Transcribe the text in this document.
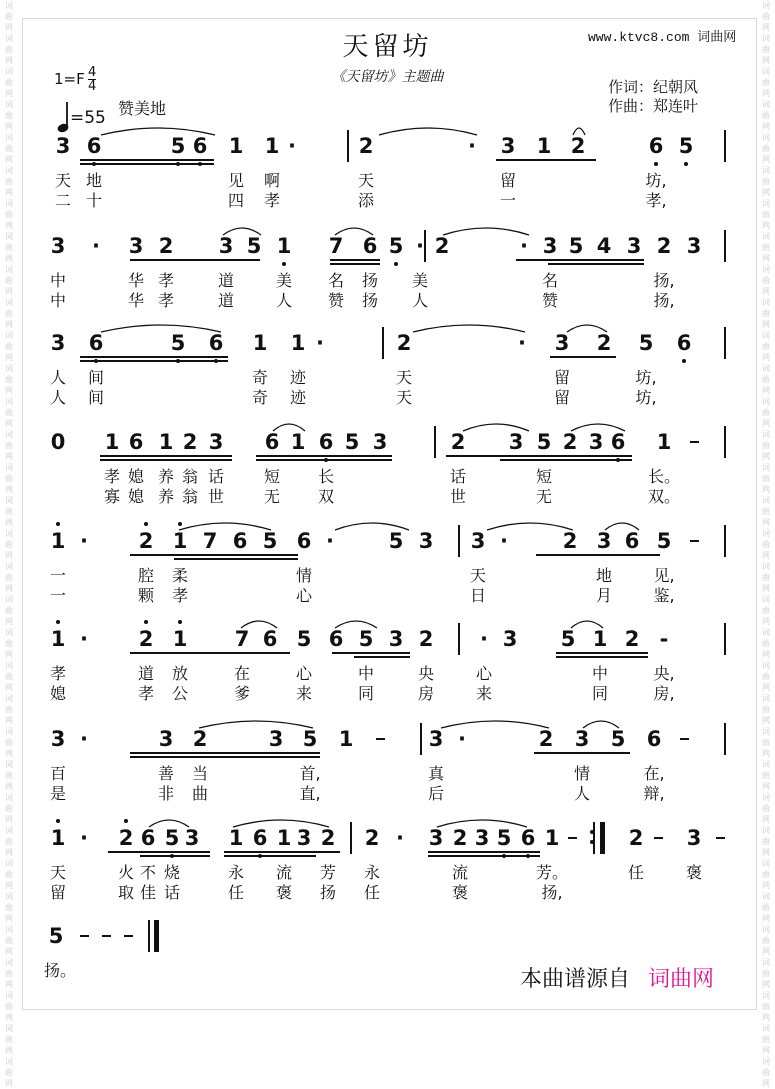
词
曲
网
词
曲
网
词
曲
网
词
曲
网
词
曲
网
词
曲
网
词
曲
网
词
曲
网
词
曲
网
词
曲
网
词
曲
网
词
曲
网
词
曲
网
词
曲
网
词
曲
网
词
曲
网
词
曲
网
词
曲
网
词
曲
网
词
曲
网
词
曲
网
词
曲
网
词
曲
网
词
曲
网
词
曲
网
词
曲
网
词
曲
网
词
曲
网
词
曲
网
词
曲
网
词
曲
网
词
曲
网
词
曲
网
词
曲
网
词
曲
网
词
曲
网
词
曲
网
词
曲
网
词
曲
网
词
曲
网
词
曲
网
词
曲
网
词
曲
网
词
曲
网
词
曲
网
词
曲
网
词
曲
网
词
曲
网
词
曲
网
词
曲
网
词
曲
网
词
曲
网
词
曲
网
词
曲
网
词
曲
网
词
曲
网
词
曲
网
词
曲
网
词
曲
网
词
曲
网
词
曲
网
词
曲
网
词
曲
网
词
曲
网
词
曲
网
词
曲
网
天留坊
《天留坊》主题曲
www.ktvc8.com 词曲网
作词：纪朝风
作曲：郑连叶
$1=F \frac{4}{4}$
=55 赞美地
3 6	5 6 1 1 ·	2	· 3 1 2	6 5
天 地	见 啊	天	留	坊,
二 十	四 孝	添	一	孝,
3 · 3 2 3 5 1 7 6 5 · 2	· 3 5 4 3 2 3
中	华 孝	道	美 名 扬 美	名	扬,
中	华 孝	道	人 赞 扬 人	赞	扬,
3 6	5 6 1 1 ·	2	· 3 2 5 6
人 间	奇 迹	天	留	坊,
人 间	奇 迹	天	留	坊,
0 1 6 1 2 3 6 1 6 5 3	2 3 5 2 3 6 1
孝 媳 养 翁 话 短 长	话	短	长。
寡 媳 养 翁 世 无 双	世	无	双。
1 · 2 1 7 6 5 6 ·	5 3 3 ·	2 3 6 5
一	腔 柔	情	天	地	见,
一	颗 孝	心	日	月	鉴,
1 · 2 1 7 6 5 6 5 3 2 · 3 5 1 2 -
孝	道 放	在	心	中	央	心	中	央,
媳	孝 公	爹	来	同	房	来	同	房,
3 ·	3 2	3 5 1	3 ·	2 3 5 6
百	善 当	首,	真	情	在,
是	非 曲	直,	后	人	辩,
1 · 2 6 5 3 1 6 1 3 2 2 · 3 2 3 5 6 1	2 3
天	火 不 烧	永 流 芳 永	流	芳。	任	褒
留	取 佳 话	任 褒 扬 任	褒	扬,
5
扬。	本曲谱源自 词曲网
